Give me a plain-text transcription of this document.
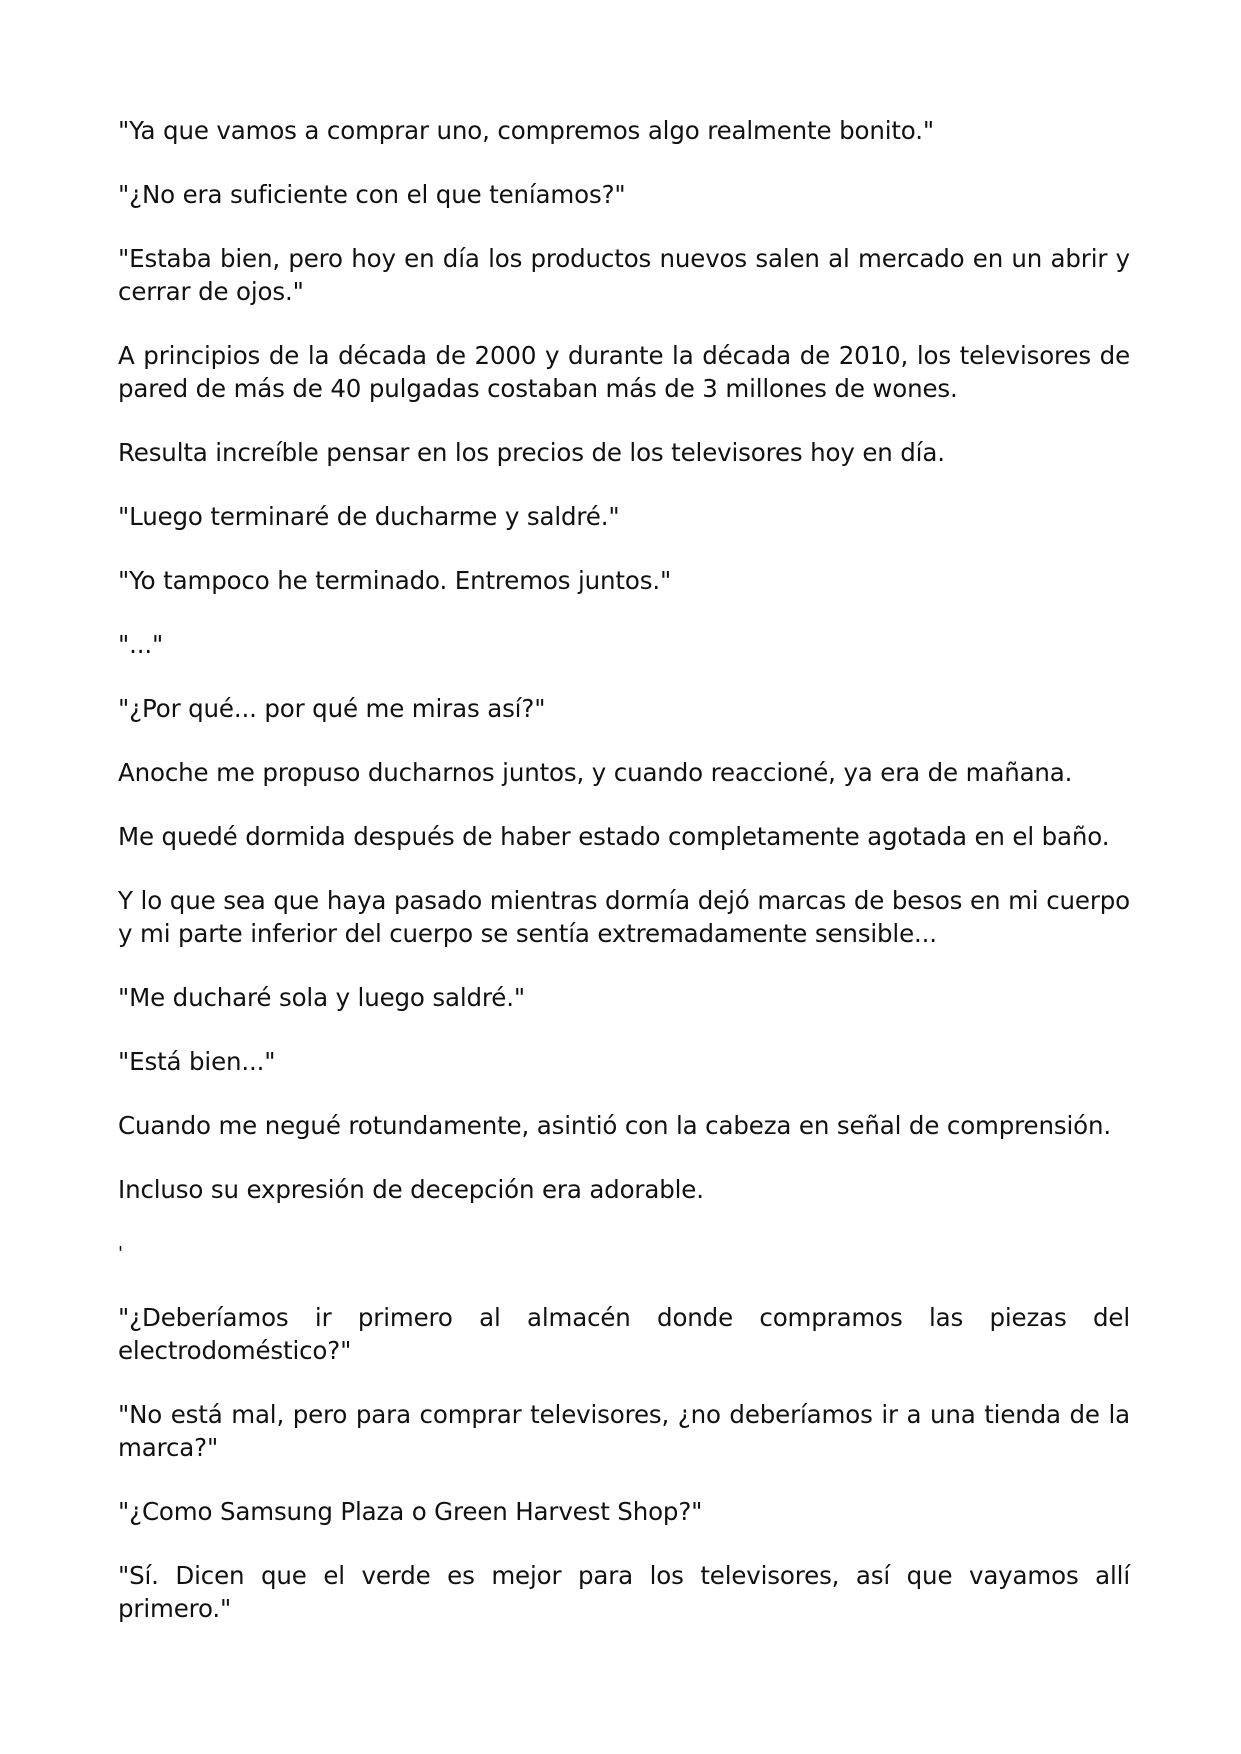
"Ya que vamos a comprar uno, compremos algo realmente bonito."

"¿No era suficiente con el que teníamos?"

"Estaba bien, pero hoy en día los productos nuevos salen al mercado en un abrir y cerrar de ojos."

A principios de la década de 2000 y durante la década de 2010, los televisores de pared de más de 40 pulgadas costaban más de 3 millones de wones.

Resulta increíble pensar en los precios de los televisores hoy en día.

"Luego terminaré de ducharme y saldré."

"Yo tampoco he terminado. Entremos juntos."

"..."

"¿Por qué... por qué me miras así?"

Anoche me propuso ducharnos juntos, y cuando reaccioné, ya era de mañana.

Me quedé dormida después de haber estado completamente agotada en el baño.

Y lo que sea que haya pasado mientras dormía dejó marcas de besos en mi cuerpo y mi parte inferior del cuerpo se sentía extremadamente sensible...

"Me ducharé sola y luego saldré."

"Está bien..."

Cuando me negué rotundamente, asintió con la cabeza en señal de comprensión.

Incluso su expresión de decepción era adorable.

'

"¿Deberíamos ir primero al almacén donde compramos las piezas del electrodoméstico?"

"No está mal, pero para comprar televisores, ¿no deberíamos ir a una tienda de la marca?"

"¿Como Samsung Plaza o Green Harvest Shop?"

"Sí. Dicen que el verde es mejor para los televisores, así que vayamos allí primero."
